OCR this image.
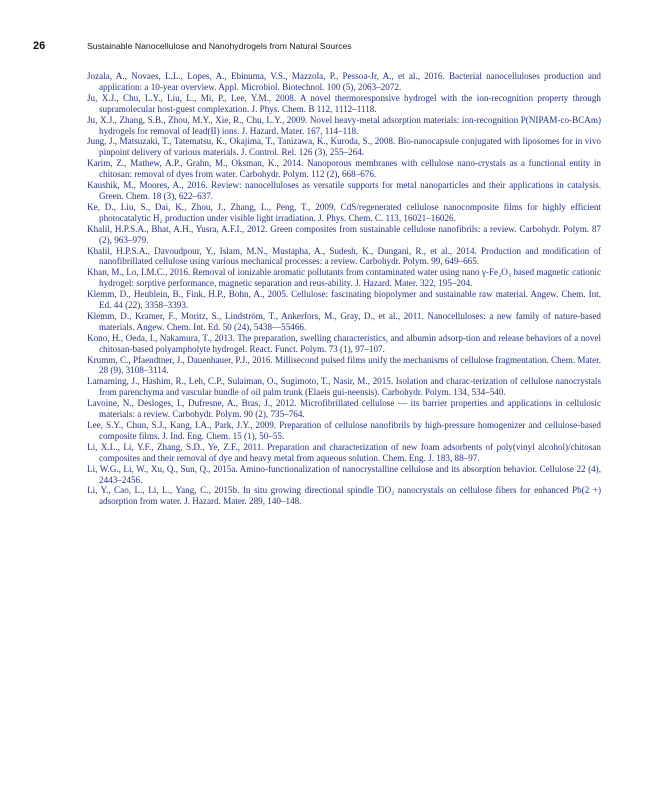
26	Sustainable Nanocellulose and Nanohydrogels from Natural Sources
Jozala, A., Novaes, L.L., Lopes, A., Ebinuma, V.S., Mazzola, P., Pessoa-Jr, A., et al., 2016. Bacterial nanocelluloses production and application: a 10-year overview. Appl. Microbiol. Biotechnol. 100 (5), 2063–2072.
Ju, X.J., Chu, L.Y., Liu, L., Mi, P., Lee, Y.M., 2008. A novel thermoresponsive hydrogel with the ion-recognition property through supramolecular host-guest complexation. J. Phys. Chem. B 112, 1112–1118.
Ju, X.J., Zhang, S.B., Zhou, M.Y., Xie, R., Chu, L.Y., 2009. Novel heavy-metal adsorption materials: ion-recognition P(NIPAM-co-BCAm) hydrogels for removal of lead(II) ions. J. Hazard. Mater. 167, 114–118.
Jung, J., Matsuzaki, T., Tatematsu, K., Okajima, T., Tanizawa, K., Kuroda, S., 2008. Bio-nanocapsule conjugated with liposomes for in vivo pinpoint delivery of various materials. J. Control. Rel. 126 (3), 255–264.
Karim, Z., Mathew, A.P., Grahn, M., Oksman, K., 2014. Nanoporous membranes with cellulose nano-crystals as a functional entity in chitosan: removal of dyes from water. Carbohydr. Polym. 112 (2), 668–676.
Kaushik, M., Moores, A., 2016. Review: nanocelluloses as versatile supports for metal nanoparticles and their applications in catalysis. Green. Chem. 18 (3), 622–637.
Ke, D., Liu, S., Dai, K., Zhou, J., Zhang, L., Peng, T., 2009. CdS/regenerated cellulose nanocomposite films for highly efficient photocatalytic H₂ production under visible light irradiation. J. Phys. Chem. C. 113, 16021–16026.
Khalil, H.P.S.A., Bhat, A.H., Yusra, A.F.I., 2012. Green composites from sustainable cellulose nanofibrils: a review. Carbohydr. Polym. 87 (2), 963–979.
Khalil, H.P.S.A., Davoudpour, Y., Islam, M.N., Mustapha, A., Sudesh, K., Dungani, R., et al., 2014. Production and modification of nanofibrillated cellulose using various mechanical processes: a review. Carbohydr. Polym. 99, 649–665.
Khan, M., Lo, I.M.C., 2016. Removal of ionizable aromatic pollutants from contaminated water using nano γ-Fe₂O₃ based magnetic cationic hydrogel: sorptive performance, magnetic separation and reus-ability. J. Hazard. Mater. 322, 195–204.
Klemm, D., Heublein, B., Fink, H.P., Bohn, A., 2005. Cellulose: fascinating biopolymer and sustainable raw material. Angew. Chem. Int. Ed. 44 (22), 3358–3393.
Klemm, D., Kramer, F., Moritz, S., Lindström, T., Ankerfors, M., Gray, D., et al., 2011. Nanocelluloses: a new family of nature-based materials. Angew. Chem. Int. Ed. 50 (24), 5438––55466.
Kono, H., Oeda, I., Nakamura, T., 2013. The preparation, swelling characteristics, and albumin adsorp-tion and release behaviors of a novel chitosan-based polyampholyte hydrogel. React. Funct. Polym. 73 (1), 97–107.
Krumm, C., Pfaendtner, J., Dauenhauer, P.J., 2016. Millisecond pulsed films unify the mechanisms of cellulose fragmentation. Chem. Mater. 28 (9), 3108–3114.
Lamaming, J., Hashim, R., Leh, C.P., Sulaiman, O., Sugimoto, T., Nasir, M., 2015. Isolation and charac-terization of cellulose nanocrystals from parenchyma and vascular bundle of oil palm trunk (Elaeis gui-neensis). Carbohydr. Polym. 134, 534–540.
Lavoine, N., Desloges, I., Dufresne, A., Bras, J., 2012. Microfibrillated cellulose — its barrier properties and applications in cellulosic materials: a review. Carbohydr. Polym. 90 (2), 735–764.
Lee, S.Y., Chun, S.J., Kang, I.A., Park, J.Y., 2009. Preparation of cellulose nanofibrils by high-pressure homogenizer and cellulose-based composite films. J. Ind. Eng. Chem. 15 (1), 50–55.
Li, X.L., Li, Y.F., Zhang, S.D., Ye, Z.F., 2011. Preparation and characterization of new foam adsorbents of poly(vinyl alcohol)/chitosan composites and their removal of dye and heavy metal from aqueous solution. Chem. Eng. J. 183, 88–97.
Li, W.G., Li, W., Xu, Q., Sun, Q., 2015a. Amino-functionalization of nanocrystalline cellulose and its absorption behavior. Cellulose 22 (4), 2443–2456.
Li, Y., Cao, L., Li, L., Yang, C., 2015b. In situ growing directional spindle TiO₂ nanocrystals on cellulose fibers for enhanced Pb(2 +) adsorption from water. J. Hazard. Mater. 289, 140–148.
